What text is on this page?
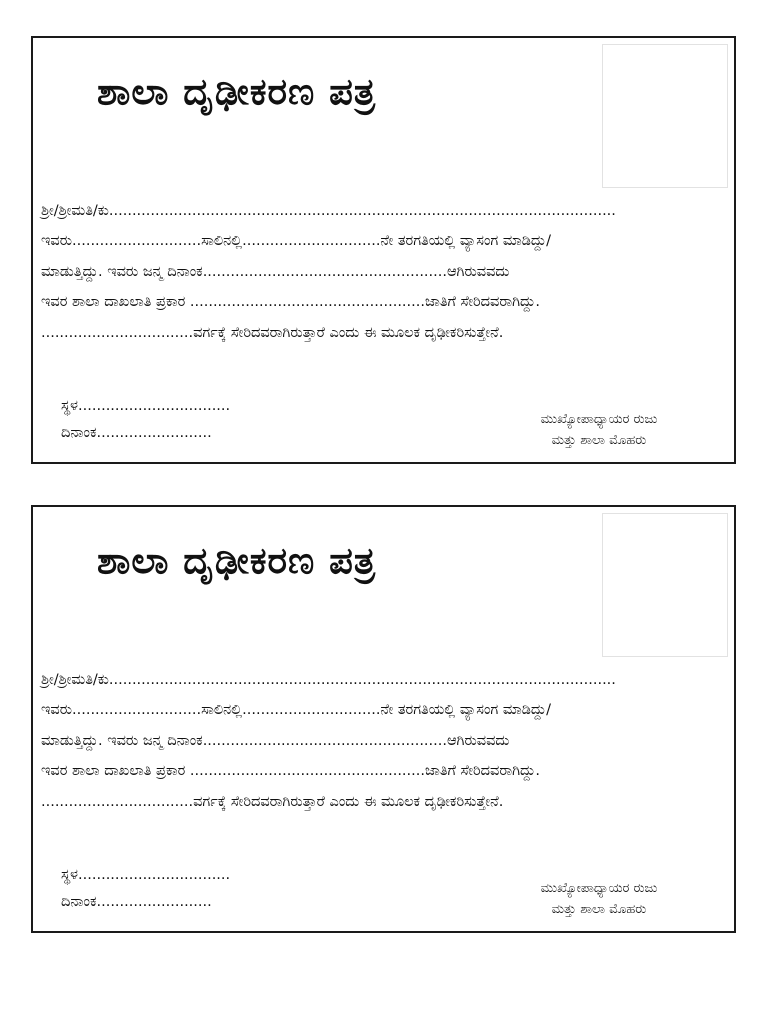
ಶಾಲಾ ದೃಢೀಕರಣ ಪತ್ರ
ಶ್ರೀ/ಶ್ರೀಮತಿ/ಕು..............................................................................................................
ಇವರು............................ಸಾಲಿನಲ್ಲಿ..............................ನೇ ತರಗತಿಯಲ್ಲಿ ವ್ಯಾಸಂಗ ಮಾಡಿದ್ದು/
ಮಾಡುತ್ತಿದ್ದು. ಇವರು ಜನ್ಮ ದಿನಾಂಕ.....................................................ಆಗಿರುವವದು
ಇವರ ಶಾಲಾ ದಾಖಲಾತಿ ಪ್ರಕಾರ ...................................................ಜಾತಿಗೆ ಸೇರಿದವರಾಗಿದ್ದು.
.................................ವರ್ಗಕ್ಕೆ ಸೇರಿದವರಾಗಿರುತ್ತಾರೆ ಎಂದು ಈ ಮೂಲಕ ದೃಢೀಕರಿಸುತ್ತೇನೆ.
ಸ್ಥಳ.................................
ದಿನಾಂಕ.........................
ಮುಖ್ಯೋಪಾಧ್ಯಾಯರ ರುಜು
ಮತ್ತು ಶಾಲಾ ಮೊಹರು
ಶಾಲಾ ದೃಢೀಕರಣ ಪತ್ರ
ಶ್ರೀ/ಶ್ರೀಮತಿ/ಕು..............................................................................................................
ಇವರು............................ಸಾಲಿನಲ್ಲಿ..............................ನೇ ತರಗತಿಯಲ್ಲಿ ವ್ಯಾಸಂಗ ಮಾಡಿದ್ದು/
ಮಾಡುತ್ತಿದ್ದು. ಇವರು ಜನ್ಮ ದಿನಾಂಕ.....................................................ಆಗಿರುವವದು
ಇವರ ಶಾಲಾ ದಾಖಲಾತಿ ಪ್ರಕಾರ ...................................................ಜಾತಿಗೆ ಸೇರಿದವರಾಗಿದ್ದು.
.................................ವರ್ಗಕ್ಕೆ ಸೇರಿದವರಾಗಿರುತ್ತಾರೆ ಎಂದು ಈ ಮೂಲಕ ದೃಢೀಕರಿಸುತ್ತೇನೆ.
ಸ್ಥಳ.................................
ದಿನಾಂಕ.........................
ಮುಖ್ಯೋಪಾಧ್ಯಾಯರ ರುಜು
ಮತ್ತು ಶಾಲಾ ಮೊಹರು
